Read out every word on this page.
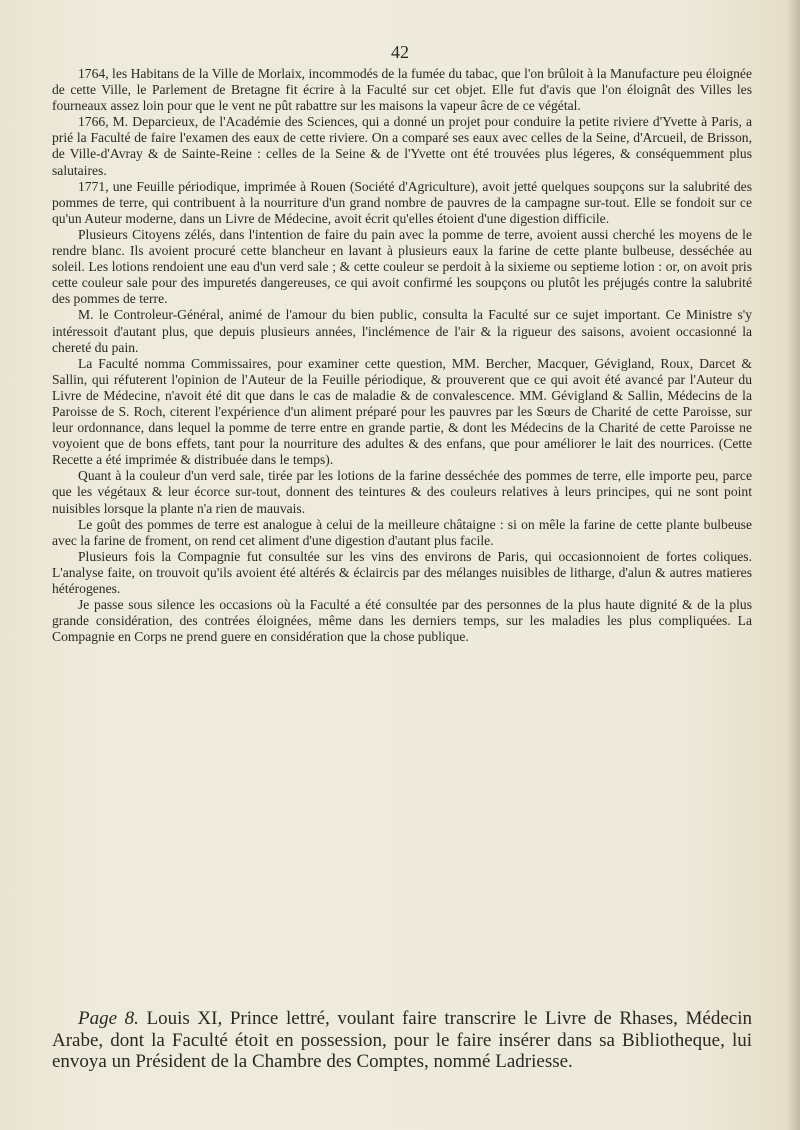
42

1764, les Habitans de la Ville de Morlaix, incommodés de la fumée du tabac, que l'on brûloit à la Manufacture peu éloignée de cette Ville, le Parlement de Bretagne fit écrire à la Faculté sur cet objet. Elle fut d'avis que l'on éloignât des Villes les fourneaux assez loin pour que le vent ne pût rabattre sur les maisons la vapeur âcre de ce végétal.

1766, M. Deparcieux, de l'Académie des Sciences, qui a donné un projet pour conduire la petite riviere d'Yvette à Paris, a prié la Faculté de faire l'examen des eaux de cette riviere. On a comparé ses eaux avec celles de la Seine, d'Arcueil, de Brisson, de Ville-d'Avray & de Sainte-Reine : celles de la Seine & de l'Yvette ont été trouvées plus légeres, & conséquemment plus salutaires.

1771, une Feuille périodique, imprimée à Rouen (Société d'Agriculture), avoit jetté quelques soupçons sur la salubrité des pommes de terre, qui contribuent à la nourriture d'un grand nombre de pauvres de la campagne sur-tout. Elle se fondoit sur ce qu'un Auteur moderne, dans un Livre de Médecine, avoit écrit qu'elles étoient d'une digestion difficile.

Plusieurs Citoyens zélés, dans l'intention de faire du pain avec la pomme de terre, avoient aussi cherché les moyens de le rendre blanc. Ils avoient procuré cette blancheur en lavant à plusieurs eaux la farine de cette plante bulbeuse, desséchée au soleil. Les lotions rendoient une eau d'un verd sale ; & cette couleur se perdoit à la sixieme ou septieme lotion : or, on avoit pris cette couleur sale pour des impuretés dangereuses, ce qui avoit confirmé les soupçons ou plutôt les préjugés contre la salubrité des pommes de terre.

M. le Controleur-Général, animé de l'amour du bien public, consulta la Faculté sur ce sujet important. Ce Ministre s'y intéressoit d'autant plus, que depuis plusieurs années, l'inclémence de l'air & la rigueur des saisons, avoient occasionné la chereté du pain.

La Faculté nomma Commissaires, pour examiner cette question, MM. Bercher, Macquer, Gévigland, Roux, Darcet & Sallin, qui réfuterent l'opinion de l'Auteur de la Feuille périodique, & prouverent que ce qui avoit été avancé par l'Auteur du Livre de Médecine, n'avoit été dit que dans le cas de maladie & de convalescence. MM. Gévigland & Sallin, Médecins de la Paroisse de S. Roch, citerent l'expérience d'un aliment préparé pour les pauvres par les Sœurs de Charité de cette Paroisse, sur leur ordonnance, dans lequel la pomme de terre entre en grande partie, & dont les Médecins de la Charité de cette Paroisse ne voyoient que de bons effets, tant pour la nourriture des adultes & des enfans, que pour améliorer le lait des nourrices. (Cette Recette a été imprimée & distribuée dans le temps).

Quant à la couleur d'un verd sale, tirée par les lotions de la farine desséchée des pommes de terre, elle importe peu, parce que les végétaux & leur écorce sur-tout, donnent des teintures & des couleurs relatives à leurs principes, qui ne sont point nuisibles lorsque la plante n'a rien de mauvais.

Le goût des pommes de terre est analogue à celui de la meilleure châtaigne : si on mêle la farine de cette plante bulbeuse avec la farine de froment, on rend cet aliment d'une digestion d'autant plus facile.

Plusieurs fois la Compagnie fut consultée sur les vins des environs de Paris, qui occasionnoient de fortes coliques. L'analyse faite, on trouvoit qu'ils avoient été altérés & éclaircis par des mélanges nuisibles de litharge, d'alun & autres matieres hétérogenes.

Je passe sous silence les occasions où la Faculté a été consultée par des personnes de la plus haute dignité & de la plus grande considération, des contrées éloignées, même dans les derniers temps, sur les maladies les plus compliquées. La Compagnie en Corps ne prend guere en considération que la chose publique.

Page 8. Louis XI, Prince lettré, voulant faire transcrire le Livre de Rhases, Médecin Arabe, dont la Faculté étoit en possession, pour le faire insérer dans sa Bibliotheque, lui envoya un Président de la Chambre des Comptes, nommé Ladriesse.
